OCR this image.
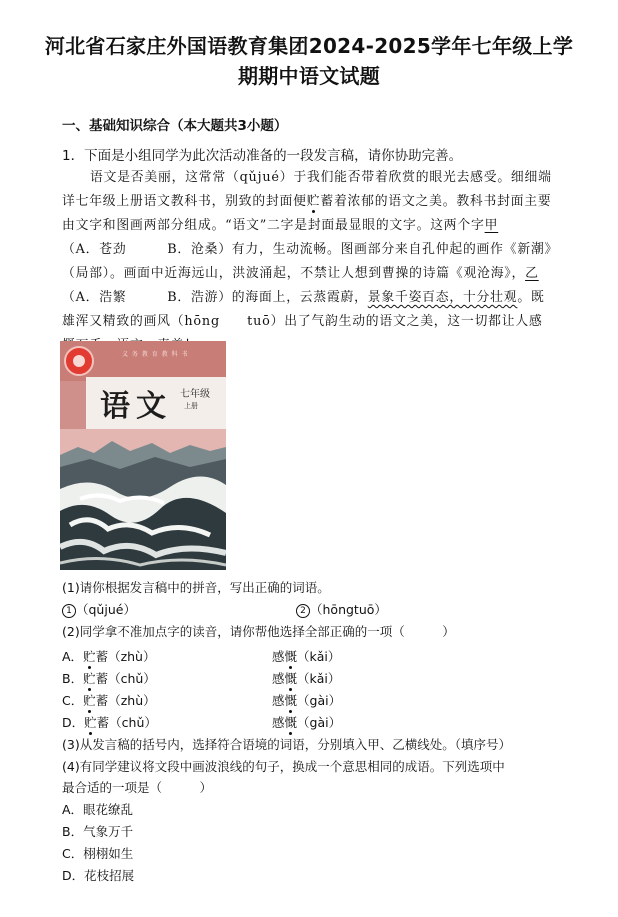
河北省石家庄外国语教育集团2024-2025学年七年级上学
期期中语文试题
一、基础知识综合（本大题共3小题）
1．下面是小组同学为此次活动准备的一段发言稿，请你协助完善。
语文是否美丽，这常常（qǔjué）于我们能否带着欣赏的眼光去感受。细细端
详七年级上册语文教科书，别致的封面便贮蓄着浓郁的语文之美。教科书封面主要
由文字和图画两部分组成。“语文”二字是封面最显眼的文字。这两个字甲
（A．苍劲　　　B．沧桑）有力，生动流畅。图画部分来自孔仲起的画作《新潮》
（局部）。画面中近海远山，洪波涌起，不禁让人想到曹操的诗篇《观沧海》，乙
（A．浩繁　　　B．浩游）的海面上，云蒸霞蔚，景象千姿百态，十分壮观。既
雄浑又精致的画风（hōng　　tuō）出了气韵生动的语文之美，这一切都让人感
义 务 教 育 教 科 书
语文 七年级
上册
(1)请你根据发言稿中的拼音，写出正确的词语。
1 （qǔjué）	2 （hōngtuō）
(2)同学拿不准加点字的读音，请你帮他选择全部正确的一项（　　　）
A．贮蓄（zhù）	感慨（kǎi）
B．贮蓄（chǔ）	感慨（kǎi）
C．贮蓄（zhù）	感慨（gài）
D．贮蓄（chǔ）	感慨（gài）
(3)从发言稿的括号内，选择符合语境的词语，分别填入甲、乙横线处。（填序号）
(4)有同学建议将文段中画波浪线的句子，换成一个意思相同的成语。下列选项中
最合适的一项是（　　　）
A．眼花缭乱
B．气象万千
C．栩栩如生
D．花枝招展
